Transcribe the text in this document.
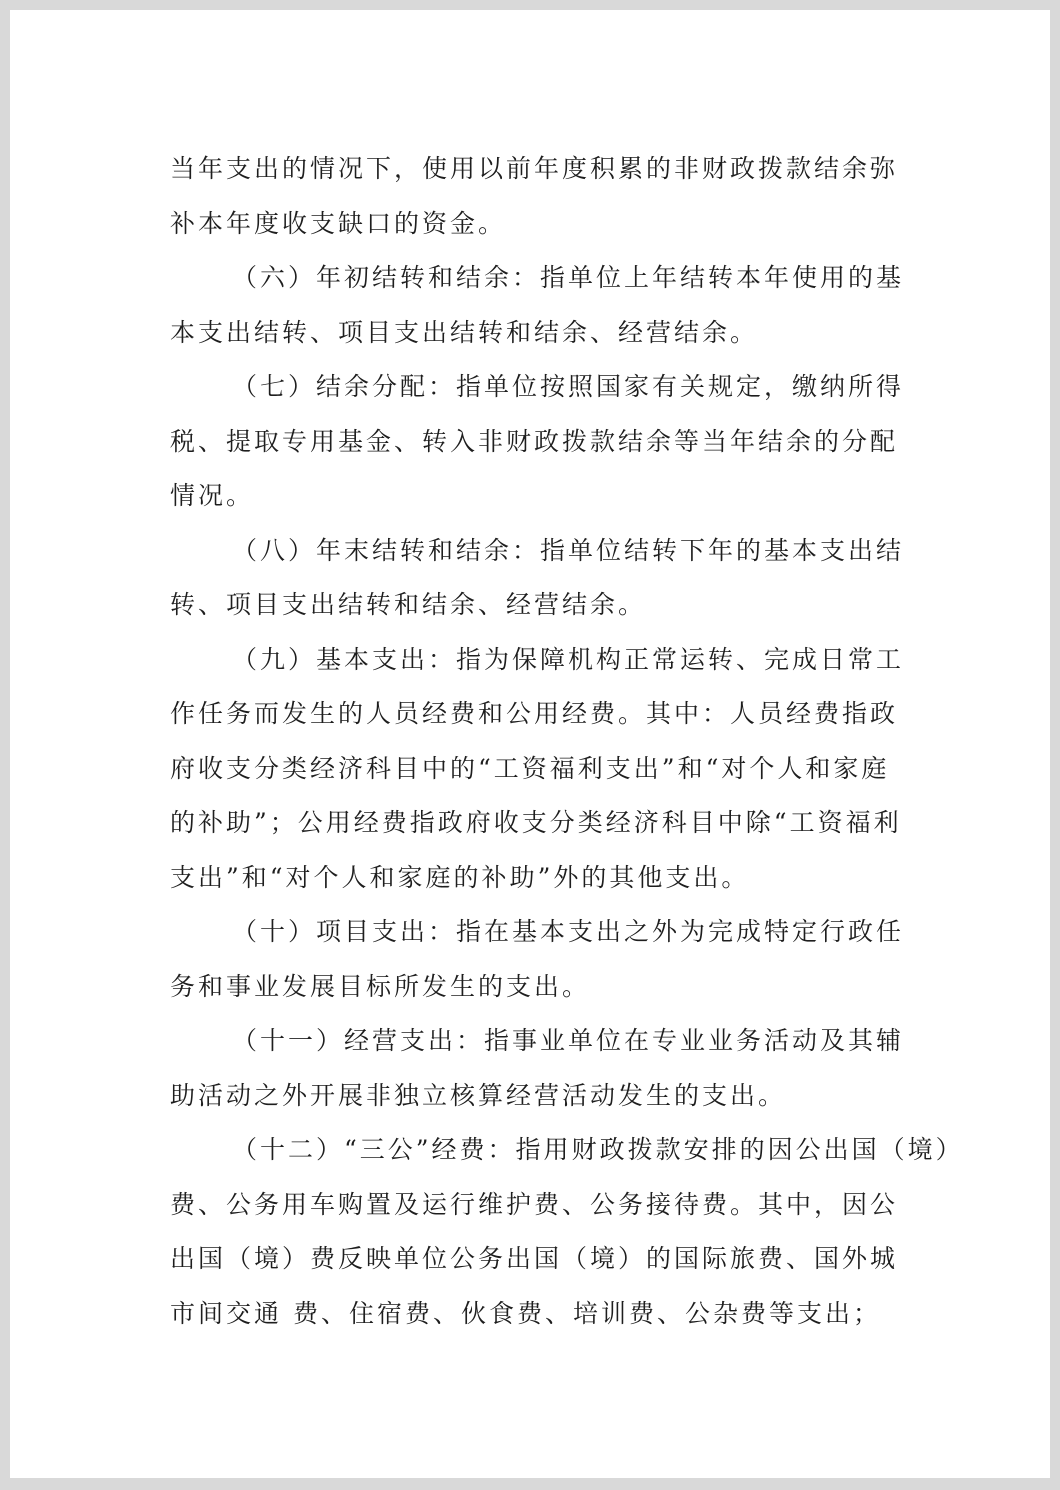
当年支出的情况下，使用以前年度积累的非财政拨款结余弥
补本年度收支缺口的资金。
（六）年初结转和结余：指单位上年结转本年使用的基
本支出结转、项目支出结转和结余、经营结余。
（七）结余分配：指单位按照国家有关规定，缴纳所得
税、提取专用基金、转入非财政拨款结余等当年结余的分配
情况。
（八）年末结转和结余：指单位结转下年的基本支出结
转、项目支出结转和结余、经营结余。
（九）基本支出：指为保障机构正常运转、完成日常工
作任务而发生的人员经费和公用经费。其中：人员经费指政
府收支分类经济科目中的“工资福利支出”和“对个人和家庭
的补助”；公用经费指政府收支分类经济科目中除“工资福利
支出”和“对个人和家庭的补助”外的其他支出。
（十）项目支出：指在基本支出之外为完成特定行政任
务和事业发展目标所发生的支出。
（十一）经营支出：指事业单位在专业业务活动及其辅
助活动之外开展非独立核算经营活动发生的支出。
（十二）“三公”经费：指用财政拨款安排的因公出国（境）
费、公务用车购置及运行维护费、公务接待费。其中，因公
出国（境）费反映单位公务出国（境）的国际旅费、国外城
市间交通 费、住宿费、伙食费、培训费、公杂费等支出；
